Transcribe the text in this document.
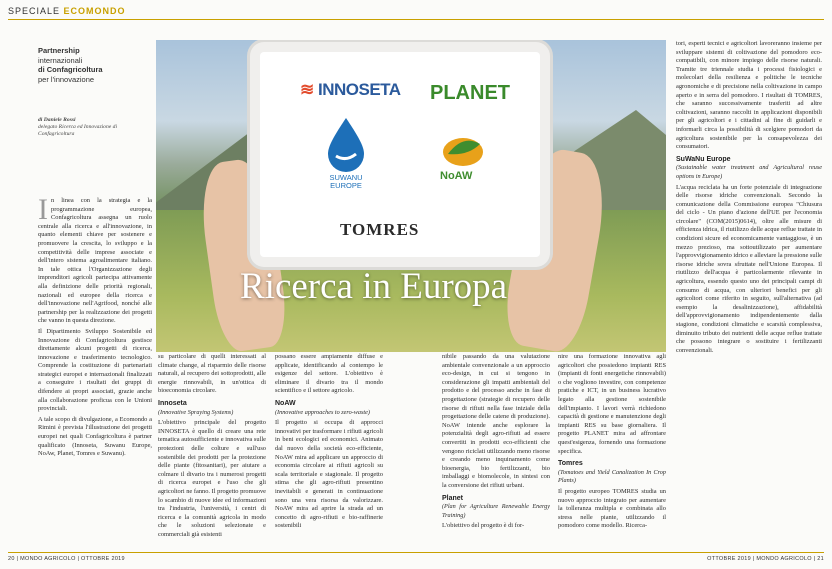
SPECIALE ECOMONDO
Partnership
internazionali
di Confagricoltura
per l'innovazione
di Daniele Rossi
delegato Ricerca ed Innovazione di Confagricoltura
≋ INNOSETA PLANET
SUWANU
EUROPE
NoAW
TOMRES
Ricerca in Europa
I n linea con la strategia e la programmazione europea, Confagricoltura assegna un ruolo centrale alla ricerca e all'innovazione, in quanto elementi chiave per sostenere e promuovere la crescita, lo sviluppo e la competitività delle imprese associate e dell'intero sistema agroalimentare italiano. In tale ottica l'Organizzazione degli imprenditori agricoli partecipa attivamente alla definizione delle priorità regionali, nazionali ed europee della ricerca e dell'innovazione nell'Agrifood, nonché alle partnership per la realizzazione dei progetti che vanno in questa direzione.

Il Dipartimento Sviluppo Sostenibile ed Innovazione di Confagricoltura gestisce direttamente alcuni progetti di ricerca, innovazione e trasferimento tecnologico. Comprende la costituzione di partenariati strategici europei e internazionali finalizzati a conseguire i risultati dei gruppi di difendere ai propri associati, grazie anche alla collaborazione proficua con le Unioni provinciali.

A tale scopo di divulgazione, a Ecomondo a Rimini è prevista l'illustrazione dei progetti europei nei quali Confagricoltura è partner qualificato (Innoseta, Suwanu Europe, NoAw, Planet, Tomres e Suwanu).

su particolare di quelli interessati al climate change, al risparmio delle risorse naturali, al recupero dei sottoprodotti, alle energie rinnovabili, in un'ottica di bioeconomia circolare.

Innoseta
(Innovative Spraying Systems)

L'obiettivo principale del progetto INNOSETA è quello di creare una rete tematica autosufficiente e innovativa sulle protezioni delle colture e sull'uso sostenibile dei prodotti per la protezione delle piante (fitosanitari), per aiutare a colmare il divario tra i numerosi progetti di ricerca europei e l'uso che gli agricoltori ne fanno. Il progetto promuove lo scambio di nuove idee ed informazioni tra l'industria, l'università, i centri di ricerca e la comunità agricola in modo che le soluzioni selezionate e commerciali già esistenti

possano essere ampiamente diffuse e applicate, identificando al contempo le esigenze del settore. L'obiettivo è eliminare il divario tra il mondo scientifico e il settore agricolo.

NoAW
(Innovative approaches to zero-waste)

Il progetto si occupa di approcci innovativi per trasformare i rifiuti agricoli in beni ecologici ed economici. Animato dal nuovo della società eco-efficiente, NoAW mira ad applicare un approccio di economia circolare ai rifiuti agricoli su scala territoriale e stagionale. Il progetto stima che gli agro-rifiuti presentino inevitabili e generati in continuazione sono una vera risorsa da valorizzare. NoAW mira ad aprire la strada ad un concetto di agro-rifiuti e bio-raffinerie sostenibili

nibile passando da una valutazione ambientale convenzionale a un approccio eco-design, in cui si tengono in considerazione gli impatti ambientali del prodotto e del processo anche in fase di progettazione (strategie di recupero delle risorse di rifiuti nella fase iniziale della progettazione delle catene di produzione). NoAW intende anche esplorare la potenzialità degli agro-rifiuti ad essere convertiti in prodotti eco-efficienti che vengono riciclati utilizzando meno risorse e creando meno inquinamento come bioenergia, bio fertilizzanti, bio imballaggi e biomolecole, in sintesi con la conversione dei rifiuti urbani.

Planet
(Plan for Agriculture Renewable Energy Training)

L'obiettivo del progetto è di for-

nire una formazione innovativa agli agricoltori che possiedono impianti RES (impianti di fonti energetiche rinnovabili) o che vogliono investire, con competenze pratiche e ICT, in un business lucrativo legato alla gestione sostenibile dell'impianto. I lavori verrà richiedono capacità di gestione e manutenzione degli impianti RES su base giornaliera. Il progetto PLANET mira ad affrontare quest'esigenza, fornendo una formazione specifica.

Tomres
(Tomatoes and Yield Canalization In Crop Plants)

Il progetto europeo TOMRES studia un nuovo approccio integrato per aumentare la tolleranza multipla e combinata allo stress nelle piante, utilizzando il pomodoro come modello. Ricerca-

tori, esperti tecnici e agricoltori lavoreranno insieme per sviluppare sistemi di coltivazione del pomodoro eco-compatibili, con minore impiego delle risorse naturali. Tramite tre triennale studia i processi fisiologici e molecolari della resilienza e politiche le tecniche agronomiche e di precisione nella coltivazione in campo aperto e in serra del pomodoro. I risultati di TOMRES, che saranno successivamente trasferiti ad altre coltivazioni, saranno raccolti in applicazioni disponibili per gli agricoltori e i cittadini al fine di guidarli e informarli circa la possibilità di scelgiere pomodori da agricoltura sostenibile per la consapevolezza dei consumatori.

SuWaNu Europe
(Sustainable water treatment and Agricultural reuse options in Europe)

L'acqua reciclata ha un forte potenziale di integrazione delle risorse idriche convenzionali. Secondo la comunicazione della Commissione europea "Chiusura del ciclo - Un piano d'azione dell'UE per l'economia circolare" (COM(2015)0614), oltre alle misure di efficienza idrica, il riutilizzo delle acque reflue trattate in condizioni sicure ed economicamente vantaggiose, è un mezzo prezioso, ma sottoutilizzato per aumentare l'approvvigionamento idrico e alleviare la pressione sulle risorse idriche sovra sfruttate nell'Unione Europea. Il riutilizzo dell'acqua è particolarmente rilevante in agricoltura, essendo questo uno dei principali campi di consumo di acqua, con ulteriori benefici per gli agricoltori come riferito in seguito, sull'alternativa (ad esempio la desalinizzazione), affidabilità dell'approvvigionamento indipendentemente dalla stagione, condizioni climatiche e scarsità complessiva, diminuito tributo dei nutrienti delle acque reflue trattate che possono integrare o sostituire i fertilizzanti convenzionali.

20 | MONDO AGRICOLO | OTTOBRE 2019	OTTOBRE 2019 | MONDO AGRICOLO | 21
